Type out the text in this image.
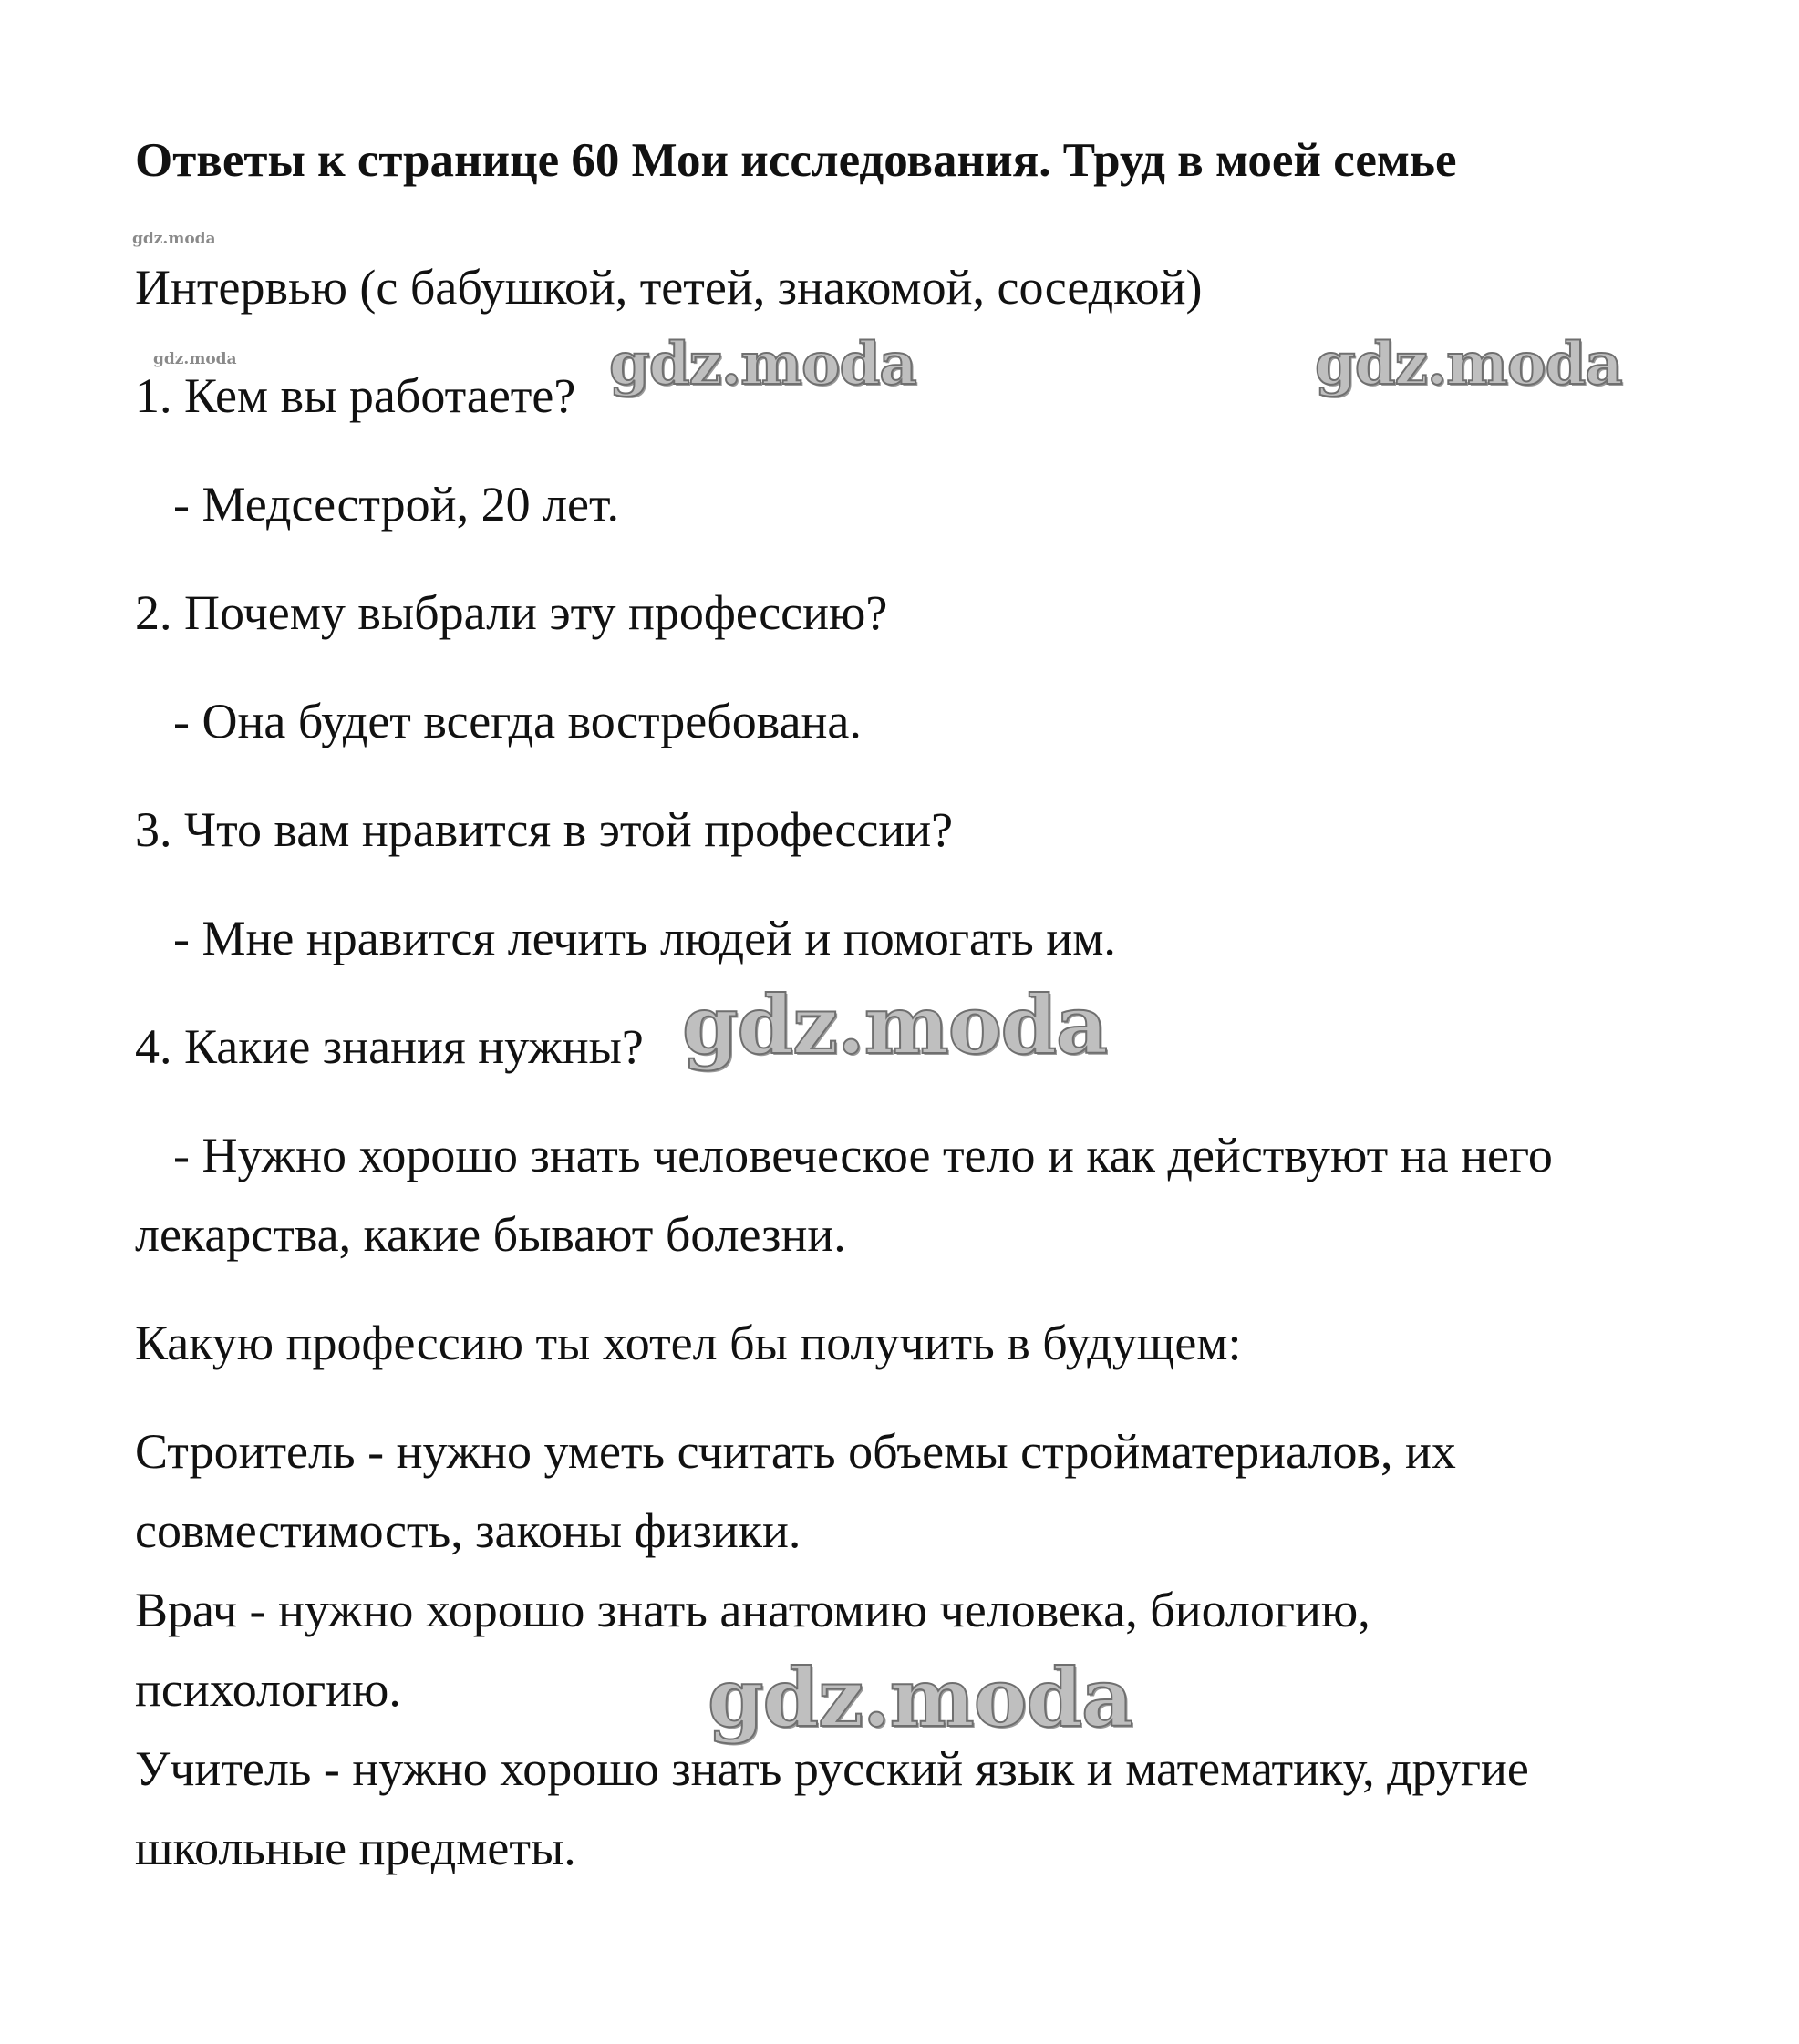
gdz.moda
gdz.moda	gdz.moda	gdz.moda
gdz.moda
gdz.moda

Ответы к странице 60 Мои исследования. Труд в моей семье

Интервью (с бабушкой, тетей, знакомой, соседкой)

1. Кем вы работаете?

- Медсестрой, 20 лет.

2. Почему выбрали эту профессию?

- Она будет всегда востребована.

3. Что вам нравится в этой профессии?

- Мне нравится лечить людей и помогать им.

4. Какие знания нужны?

- Нужно хорошо знать человеческое тело и как действуют на него

лекарства, какие бывают болезни.

Какую профессию ты хотел бы получить в будущем:

Строитель - нужно уметь считать объемы стройматериалов, их

совместимость, законы физики.

Врач - нужно хорошо знать анатомию человека, биологию,

психологию.

Учитель - нужно хорошо знать русский язык и математику, другие

школьные предметы.
